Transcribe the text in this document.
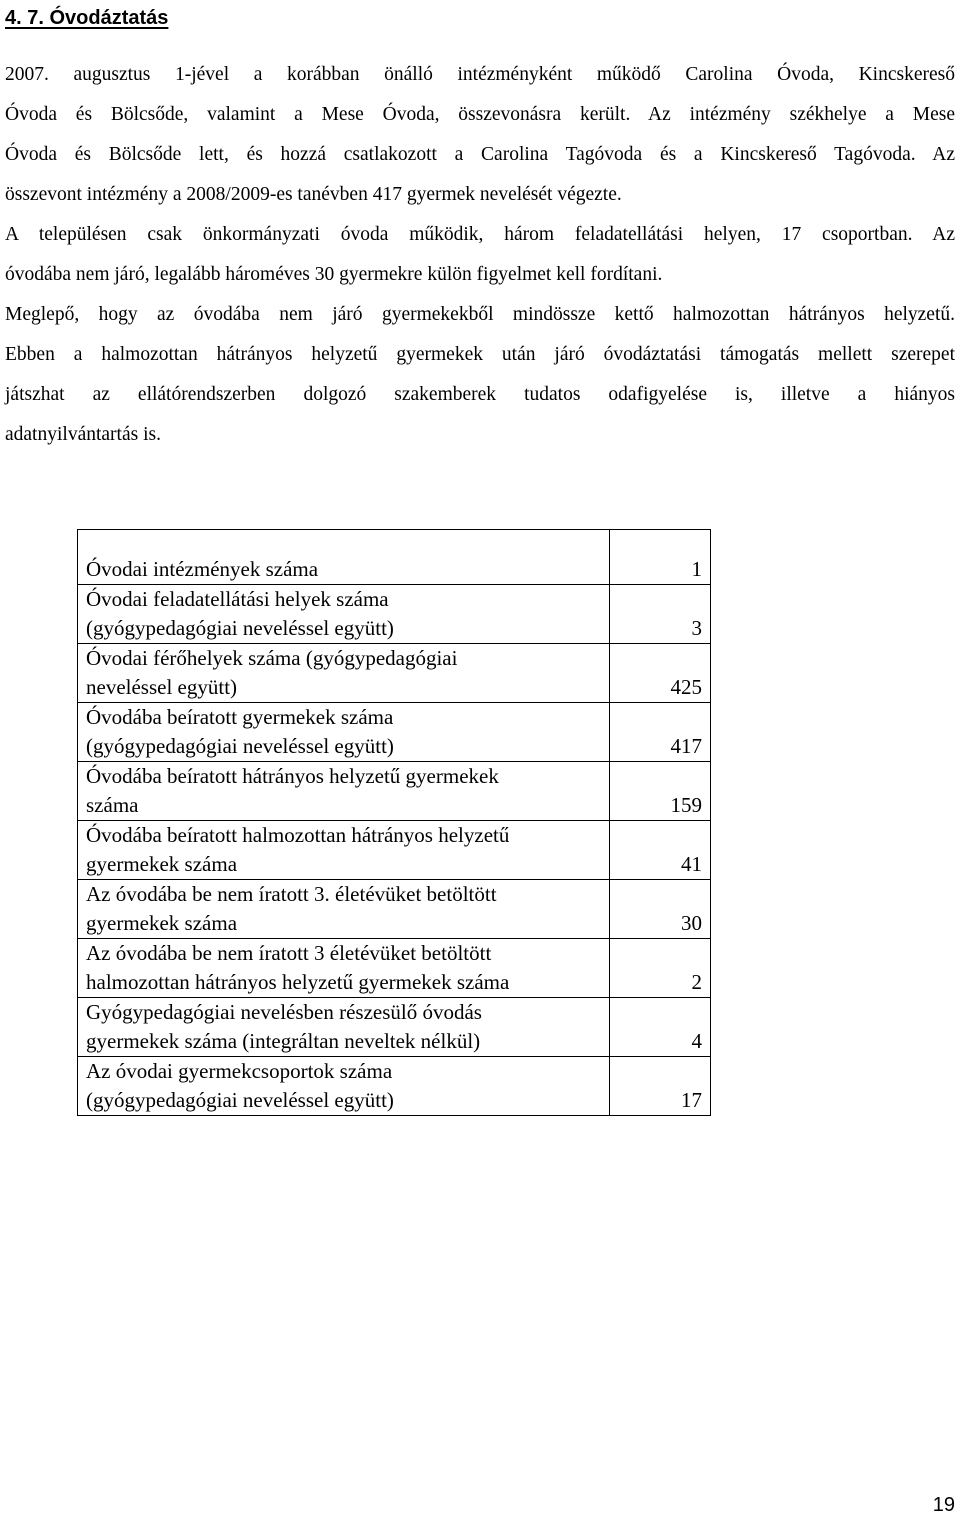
4. 7. Óvodáztatás
2007. augusztus 1-jével a korábban önálló intézményként működő Carolina Óvoda, Kincskereső
Óvoda és Bölcsőde, valamint a Mese Óvoda, összevonásra került. Az intézmény székhelye a Mese
Óvoda és Bölcsőde lett, és hozzá csatlakozott a Carolina Tagóvoda és a Kincskereső Tagóvoda. Az
összevont intézmény a 2008/2009-es tanévben 417 gyermek nevelését végezte.
A településen csak önkormányzati óvoda működik, három feladatellátási helyen, 17 csoportban. Az
óvodába nem járó, legalább hároméves 30 gyermekre külön figyelmet kell fordítani.
Meglepő, hogy az óvodába nem járó gyermekekből mindössze kettő halmozottan hátrányos helyzetű.
Ebben a halmozottan hátrányos helyzetű gyermekek után járó óvodáztatási támogatás mellett szerepet
játszhat az ellátórendszerben dolgozó szakemberek tudatos odafigyelése is, illetve a hiányos
adatnyilvántartás is.
Óvodai intézmények száma	1

Óvodai feladatellátási helyek száma
(gyógypedagógiai neveléssel együtt)	3

Óvodai férőhelyek száma (gyógypedagógiai
neveléssel együtt)	425

Óvodába beíratott gyermekek száma
(gyógypedagógiai neveléssel együtt)	417

Óvodába beíratott hátrányos helyzetű gyermekek
száma	159

Óvodába beíratott halmozottan hátrányos helyzetű
gyermekek száma	41

Az óvodába be nem íratott 3. életévüket betöltött
gyermekek száma	30

Az óvodába be nem íratott 3 életévüket betöltött
halmozottan hátrányos helyzetű gyermekek száma	2

Gyógypedagógiai nevelésben részesülő óvodás
gyermekek száma (integráltan neveltek nélkül)	4

Az óvodai gyermekcsoportok száma
(gyógypedagógiai neveléssel együtt)	17
19
